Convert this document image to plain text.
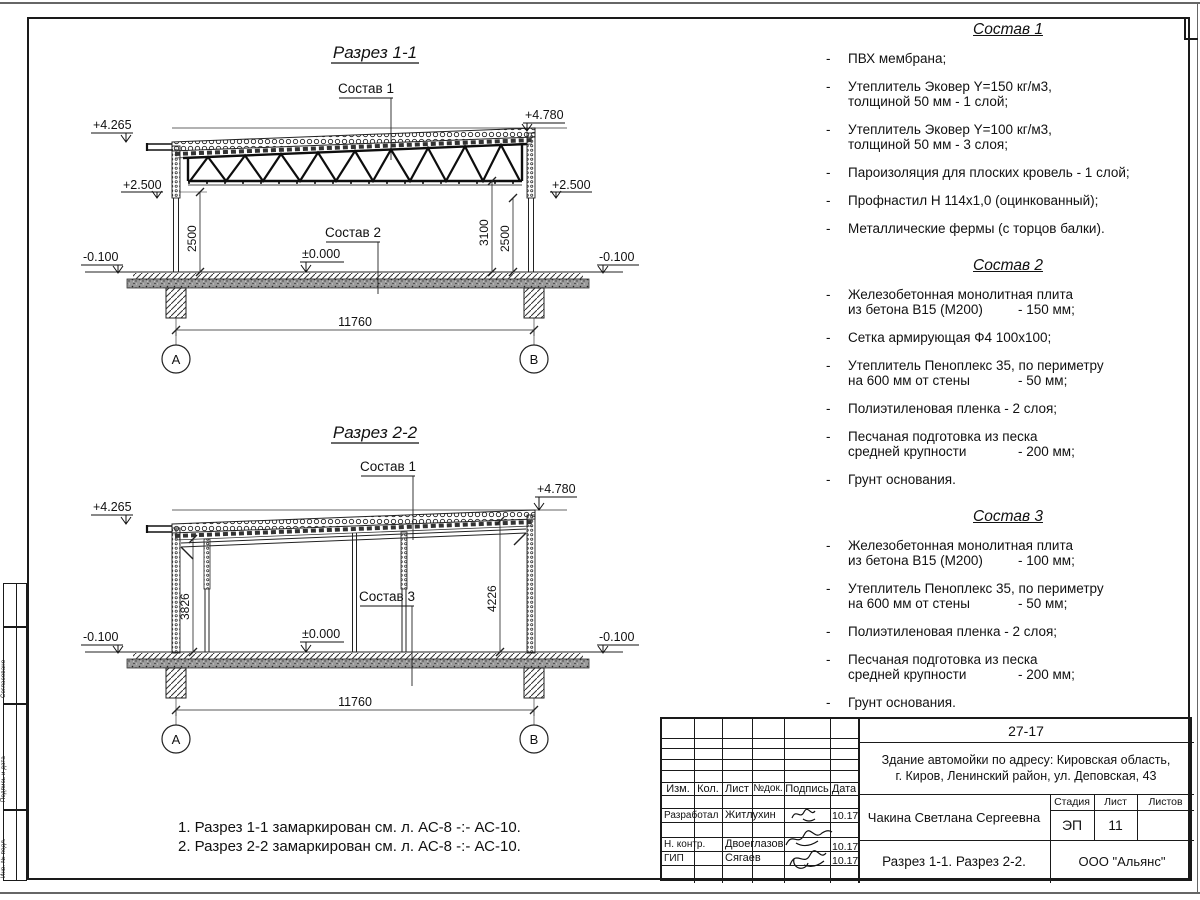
Согласовано
Подпись и дата
Инв. № подл.
Разрез 1-1
Состав 1
Состав 2
+4.265
+4.780
+2.500	+2.500
-0.100	-0.100
±0.000
2500	3100 2500
11760
А	В
Разрез 2-2
Состав 1
Состав 3
+4.265
+4.780
-0.100	-0.100
±0.000
3826	4226
11760
А	В
Состав 1
-	ПВХ мембрана;
-	Утеплитель Эковер Y=150 кг/м3,
толщиной 50 мм - 1 слой;
-	Утеплитель Эковер Y=100 кг/м3,
толщиной 50 мм - 3 слоя;
-	Пароизоляция для плоских кровель - 1 слой;
-	Профнастил Н 114х1,0 (оцинкованный);
-	Металлические фермы (с торцов балки).
Состав 2
-	Железобетонная монолитная плита
из бетона В15 (М200)	- 150 мм;
-	Сетка армирующая Ф4 100х100;
-	Утеплитель Пеноплекс 35, по периметру
на 600 мм от стены	- 50 мм;
-	Полиэтиленовая пленка - 2 слоя;
-	Песчаная подготовка из песка
средней крупности	- 200 мм;
-	Грунт основания.
Состав 3
-	Железобетонная монолитная плита
из бетона В15 (М200)	- 100 мм;
-	Утеплитель Пеноплекс 35, по периметру
на 600 мм от стены	- 50 мм;
-	Полиэтиленовая пленка - 2 слоя;
-	Песчаная подготовка из песка
средней крупности	- 200 мм;
-	Грунт основания.
1. Разрез 1-1 замаркирован см. л. АС-8 -:- АС-10.
2. Разрез 2-2 замаркирован см. л. АС-8 -:- АС-10.
Изм. Кол. Лист №док. Подпись Дата
Разработал Житлухин	10.17
Н. контр. Двоеглазов	10.17
ГИП	Сягаев	10.17
27-17
Здание автомойки по адресу: Кировская область,
г. Киров, Ленинский район, ул. Деповская, 43
Чакина Светлана Сергеевна
Стадия	Лист	Листов
ЭП	11
Разрез 1-1. Разрез 2-2.	ООО "Альянс"
